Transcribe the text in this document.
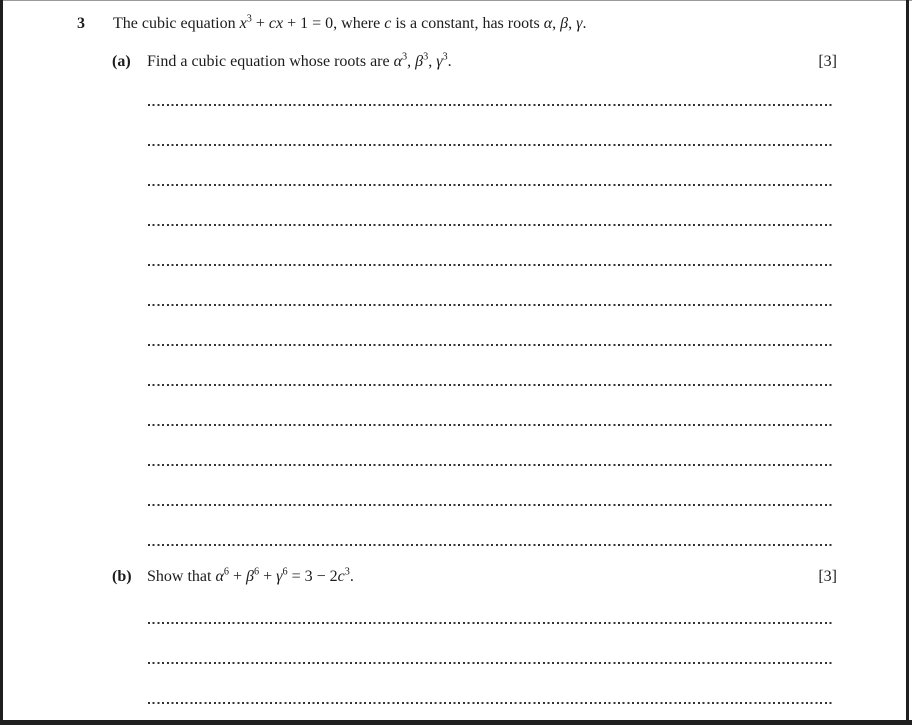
3 The cubic equation $x^3$ + cx + 1 = 0, where c is a constant, has roots α, β, γ.
(a) Find a cubic equation whose roots are $\alpha^3$, $\beta^3$, $\gamma^3$.	[3]
(b) Show that $\alpha^6 + \beta^6 + \gamma^6 = 3 - 2c^3$.	[3]
